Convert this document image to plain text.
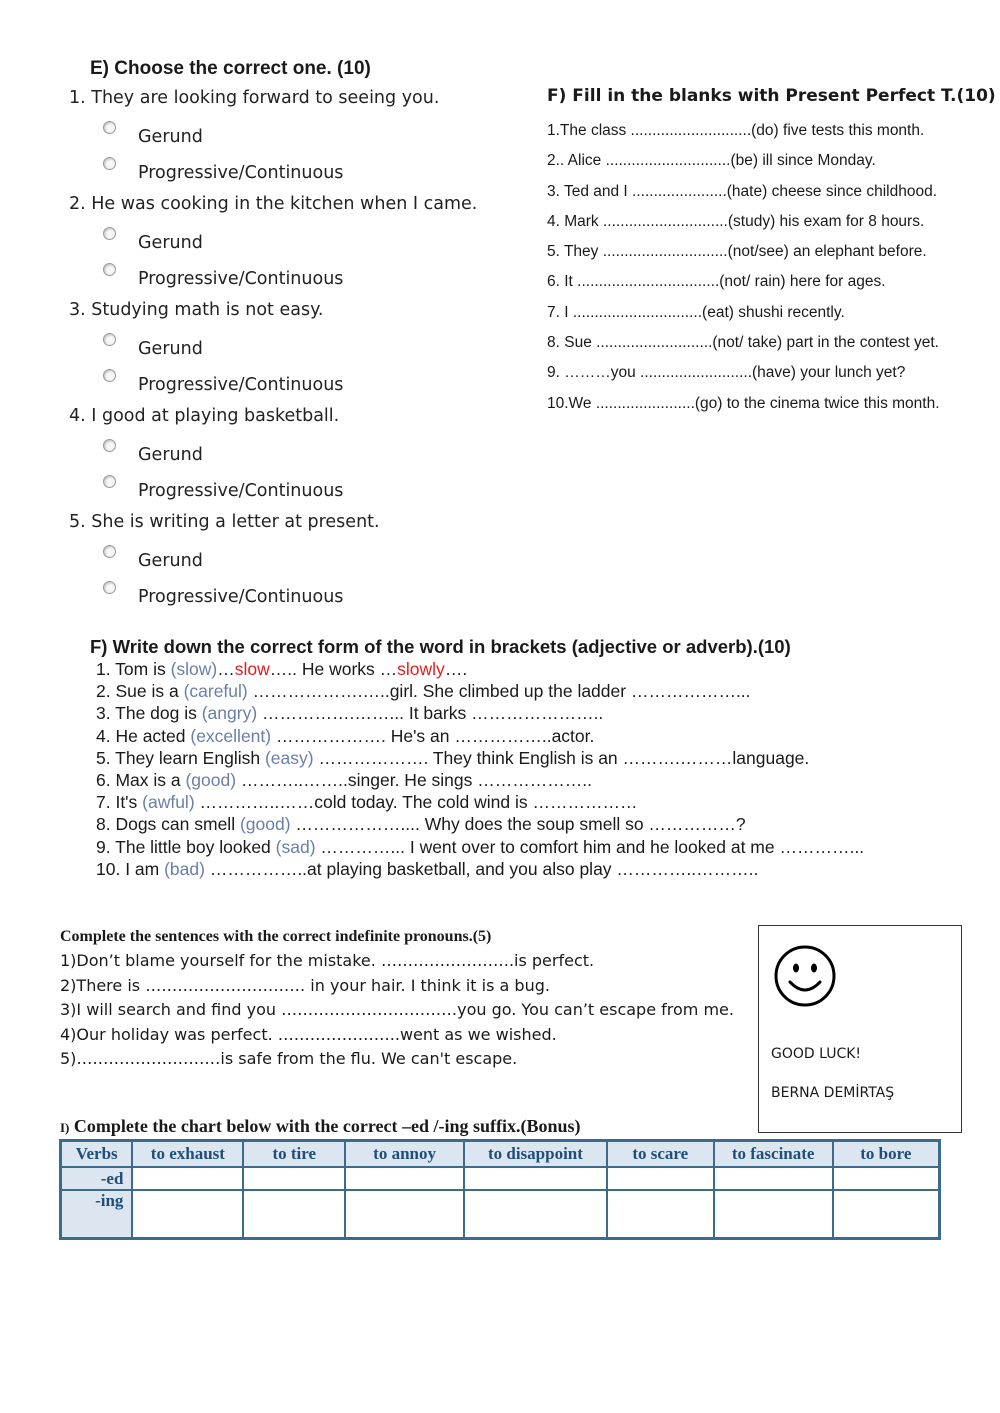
E) Choose the correct one. (10)
1. They are looking forward to seeing you.
Gerund
Progressive/Continuous
2. He was cooking in the kitchen when I came.
Gerund
Progressive/Continuous
3. Studying math is not easy.
Gerund
Progressive/Continuous
4. I good at playing basketball.
Gerund
Progressive/Continuous
5. She is writing a letter at present.
Gerund
Progressive/Continuous
F) Fill in the blanks with Present Perfect T.(10)
1.The class ............................(do) five tests this month.
2.. Alice .............................(be) ill since Monday.
3. Ted and I ......................(hate) cheese since childhood.
4. Mark .............................(study) his exam for 8 hours.
5. They .............................(not/see) an elephant before.
6. It .................................(not/ rain) here for ages.
7. I ..............................(eat) shushi recently.
8. Sue ...........................(not/ take) part in the contest yet.
9. ………you ..........................(have) your lunch yet?
10.We .......................(go) to the cinema twice this month.
F) Write down the correct form of the word in brackets (adjective or adverb).(10)
1. Tom is (slow)…slow….. He works …slowly….
2. Sue is a (careful) ……………….…..girl. She climbed up the ladder ………………...
3. The dog is (angry) …………….……... It barks …………………..
4. He acted (excellent) ………………. He's an ……………..actor.
5. They learn English (easy) ………………. They think English is an ……….………language.
6. Max is a (good) ………..……..singer. He sings ………………..
7. It's (awful) …………..……cold today. The cold wind is ………………
8. Dogs can smell (good) ……………….... Why does the soup smell so ……………?
9. The little boy looked (sad) …………... I went over to comfort him and he looked at me …………...
10. I am (bad) ……………..at playing basketball, and you also play …………..………..
Complete the sentences with the correct indefinite pronouns.(5)
1)Don’t blame yourself for the mistake. …………………….is perfect.
2)There is ………………………… in your hair. I think it is a bug.
3)I will search and find you ……………………………you go. You can’t escape from me.
4)Our holiday was perfect. …………………..went as we wished.
5)………………………is safe from the flu. We can't escape.	GOOD LUCK!
BERNA DEMİRTAŞ
I) Complete the chart below with the correct –ed /-ing suffix.(Bonus)
Verbs	to exhaust	to tire	to annoy	to disappoint	to scare	to fascinate	to bore
-ed							
-ing							
